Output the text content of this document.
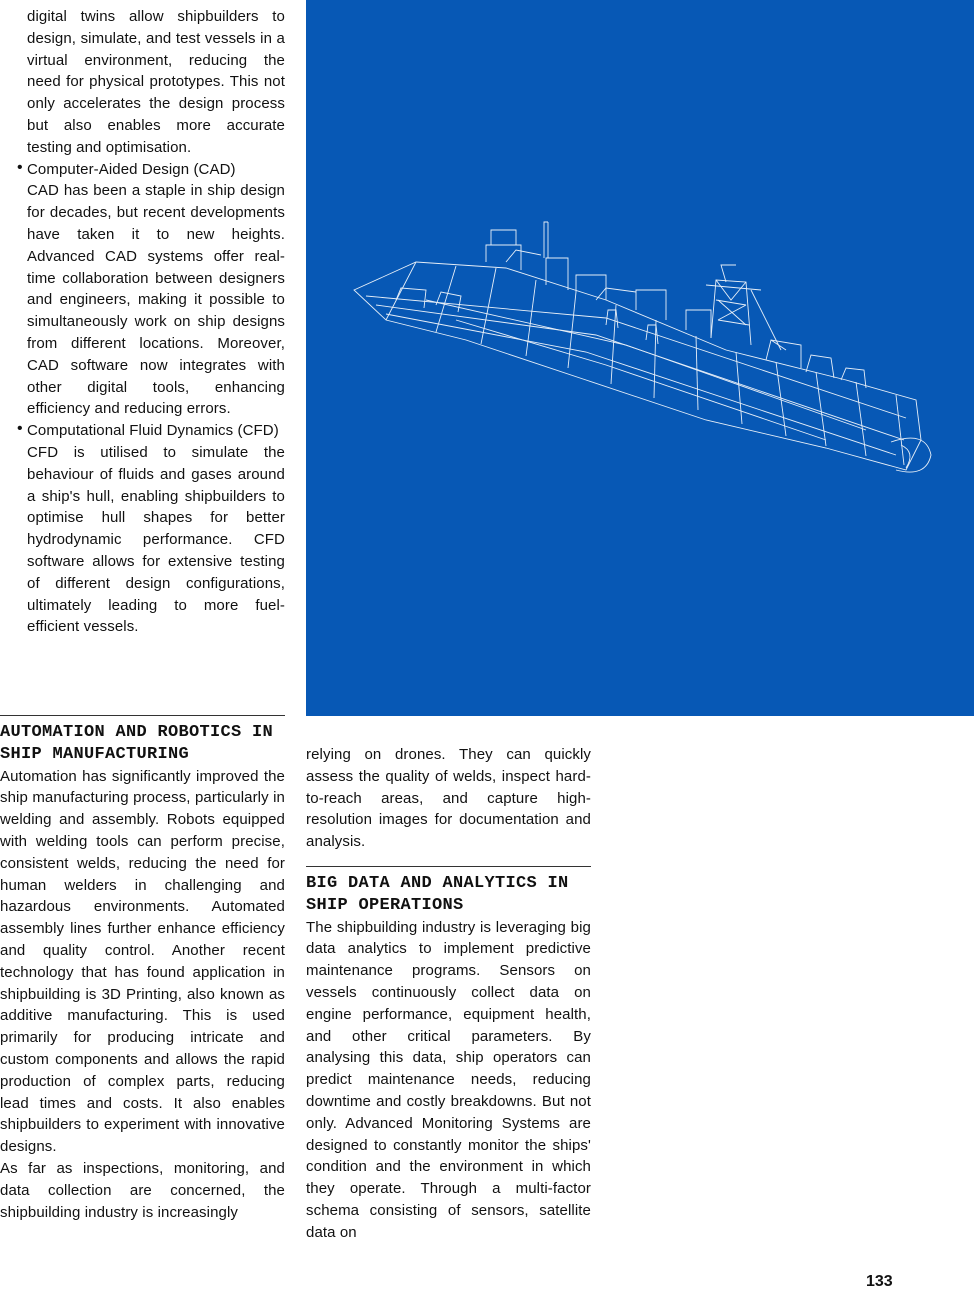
digital twins allow shipbuilders to design, simulate, and test vessels in a virtual environment, reducing the need for physical prototypes. This not only accelerates the design process but also enables more accurate testing and optimisation.

• Computer-Aided Design (CAD)

CAD has been a staple in ship design for decades, but recent developments have taken it to new heights. Advanced CAD systems offer real-time collaboration between designers and engineers, making it possible to simultaneously work on ship designs from different locations. Moreover, CAD software now integrates with other digital tools, enhancing efficiency and reducing errors.

• Computational Fluid Dynamics (CFD)

CFD is utilised to simulate the behaviour of fluids and gases around a ship's hull, enabling shipbuilders to optimise hull shapes for better hydrodynamic performance. CFD software allows for extensive testing of different design configurations, ultimately leading to more fuel-efficient vessels.

AUTOMATION AND ROBOTICS IN SHIP MANUFACTURING

Automation has significantly improved the ship manufacturing process, particularly in welding and assembly. Robots equipped with welding tools can perform precise, consistent welds, reducing the need for human welders in challenging and hazardous environments. Automated assembly lines further enhance efficiency and quality control. Another recent technology that has found application in shipbuilding is 3D Printing, also known as additive manufacturing. This is used primarily for producing intricate and custom components and allows the rapid production of complex parts, reducing lead times and costs. It also enables shipbuilders to experiment with innovative designs.

As far as inspections, monitoring, and data collection are concerned, the shipbuilding industry is increasingly

relying on drones. They can quickly assess the quality of welds, inspect hard-to-reach areas, and capture high-resolution images for documentation and analysis.

BIG DATA AND ANALYTICS IN SHIP OPERATIONS

The shipbuilding industry is leveraging big data analytics to implement predictive maintenance programs. Sensors on vessels continuously collect data on engine performance, equipment health, and other critical parameters. By analysing this data, ship operators can predict maintenance needs, reducing downtime and costly breakdowns. But not only. Advanced Monitoring Systems are designed to constantly monitor the ships' condition and the environment in which they operate. Through a multi-factor schema consisting of sensors, satellite data on

133
